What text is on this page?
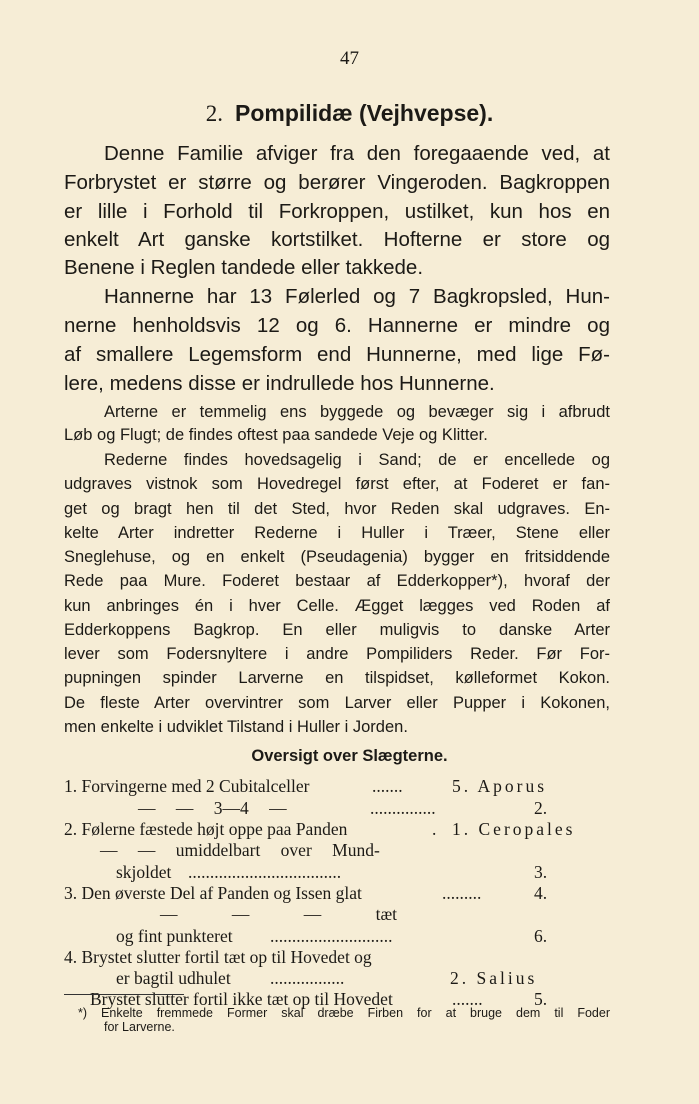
47
2. Pompilidæ (Vejhvepse).
Denne Familie afviger fra den foregaaende ved, at
Forbrystet er større og berører Vingeroden. Bagkroppen
er lille i Forhold til Forkroppen, ustilket, kun hos en
enkelt Art ganske kortstilket. Hofterne er store og
Benene i Reglen tandede eller takkede.
Hannerne har 13 Følerled og 7 Bagkropsled, Hun-
nerne henholdsvis 12 og 6. Hannerne er mindre og
af smallere Legemsform end Hunnerne, med lige Fø-
lere, medens disse er indrullede hos Hunnerne.
Arterne er temmelig ens byggede og bevæger sig i afbrudt
Løb og Flugt; de findes oftest paa sandede Veje og Klitter.
Rederne findes hovedsagelig i Sand; de er encellede og
udgraves vistnok som Hovedregel først efter, at Foderet er fan-
get og bragt hen til det Sted, hvor Reden skal udgraves. En-
kelte Arter indretter Rederne i Huller i Træer, Stene eller
Sneglehuse, og en enkelt (Pseudagenia) bygger en fritsiddende
Rede paa Mure. Foderet bestaar af Edderkopper*), hvoraf der
kun anbringes én i hver Celle. Ægget lægges ved Roden af
Edderkoppens Bagkrop. En eller muligvis to danske Arter
lever som Fodersnyltere i andre Pompiliders Reder. Før For-
pupningen spinder Larverne en tilspidset, kølleformet Kokon.
De fleste Arter overvintrer som Larver eller Pupper i Kokonen,
men enkelte i udviklet Tilstand i Huller i Jorden.
Oversigt over Slægterne.
1. Forvingerne med 2 Cubitalceller	.......	5. Aporus
— — 3—4 —	...............	2.
2. Følerne fæstede højt oppe paa Panden	. 1. Ceropales
— — umiddelbart over Mund-
skjoldet ...................................	3.
3. Den øverste Del af Panden og Issen glat	.........	4.
— — — tæt
og fint punkteret ............................	6.
4. Brystet slutter fortil tæt op til Hovedet og
er bagtil udhulet .................	2. Salius
Brystet slutter fortil ikke tæt op til Hovedet	.......	5.
*) Enkelte fremmede Former skal dræbe Firben for at bruge dem til Foder
for Larverne.
